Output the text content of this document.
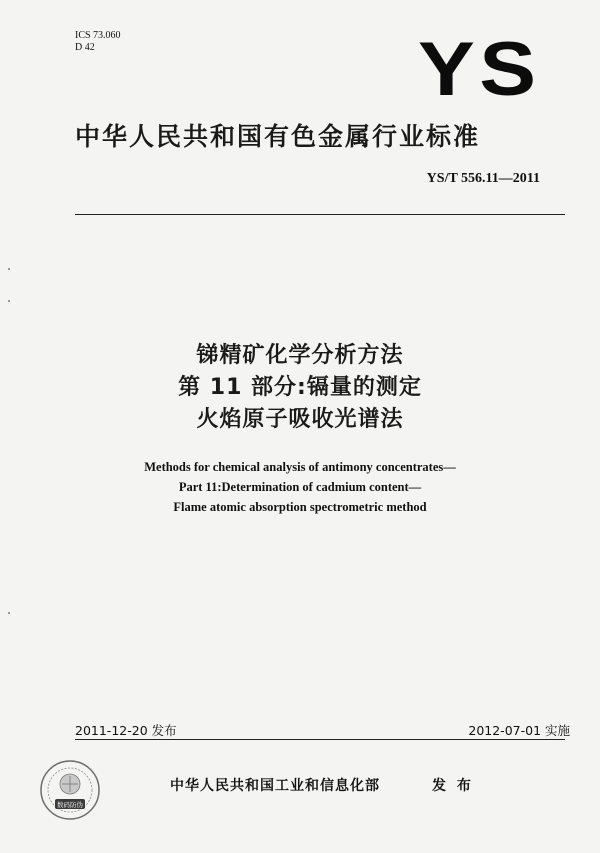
ICS 73.060
D 42	YS
中华人民共和国有色金属行业标准
YS/T 556.11—2011
锑精矿化学分析方法
第 11 部分:镉量的测定
火焰原子吸收光谱法
Methods for chemical analysis of antimony concentrates—
Part 11:Determination of cadmium content—
Flame atomic absorption spectrometric method
2011-12-20 发布	2012-07-01 实施
数码防伪
中华人民共和国工业和信息化部	发 布
